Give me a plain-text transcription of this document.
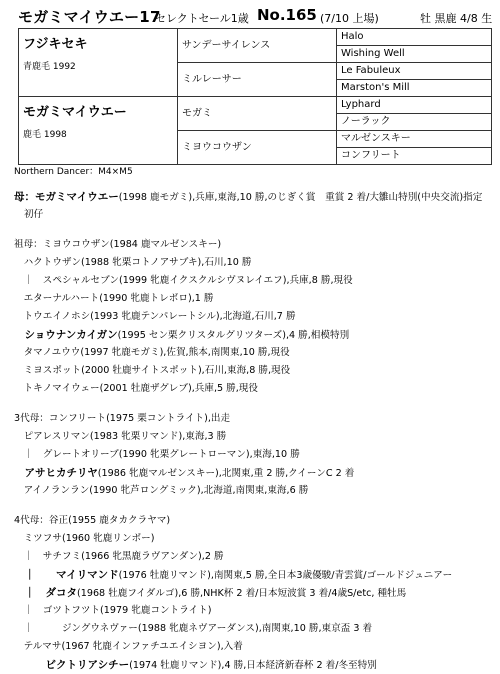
モガミマイウエー17
セレクトセール1歳 No.165 (7/10 上場)	牡 黒鹿 4/8 生
フジキセキ
青鹿毛 1992	サンデーサイレンス	Halo
		Wishing Well
	ミルレーサー	Le Fabuleux
		Marston's Mill

モガミマイウエー
鹿毛 1998	モガミ	Lyphard
		ノーラック
	ミヨウコウザン	マルゼンスキー
		コンフリート
Northern Dancer：M4×M5
母：モガミマイウエー(1998 鹿モガミ),兵庫,東海,10 勝,のじぎく賞　重賞 2 着/大雛山特別(中央交流)指定
初仔
祖母：ミヨウコウザン(1984 鹿マルゼンスキー)
　ハクトウザン(1988 牝栗コトノアサブキ),石川,10 勝
　｜　スペシャルセブン(1999 牝鹿イクスクルシヴヌレイエフ),兵庫,8 勝,現役
　エターナルハート(1990 牝鹿トレボロ),1 勝
　トウエイノホシ(1993 牝鹿テンパレートシル),北海道,石川,7 勝
　ショウナンカイガン(1995 セン栗クリスタルグリツターズ),4 勝,相模特別
　タマノユウウ(1997 牝鹿モガミ),佐賀,熊本,南関東,10 勝,現役
　ミヨスポット(2000 牡鹿サイトスポット),石川,東海,8 勝,現役
　トキノマイウェー(2001 牡鹿ザグレブ),兵庫,5 勝,現役
3代母：コンフリート(1975 栗コントライト),出走
　ピアレスリマン(1983 牝栗リマンド),東海,3 勝
　｜　グレートオリーブ(1990 牝栗グレートローマン),東海,10 勝
　アサヒカチリヤ(1986 牝鹿マルゼンスキー),北関東,重 2 勝,クイーンC 2 着
　アイノランラン(1990 牝芦ロングミック),北海道,南関東,東海,6 勝
4代母：谷正(1955 鹿タカクラヤマ)
　ミツフサ(1960 牝鹿リンボー)
　｜　サチフミ(1966 牝黒鹿ラヴアンダン),2 勝
　｜　　マイリマンド(1976 牡鹿リマンド),南関東,5 勝,全日本3歳優駿/青雲賞/ゴールドジュニアー
　｜　ダコタ(1968 牡鹿フイダルゴ),6 勝,NHK杯 2 着/日本短波賞 3 着/4歳S/etc, 種牡馬
　｜　ゴツトフツト(1979 牝鹿コントライト)
　｜　　　ジングウネヴァー(1988 牝鹿ネヴアーダンス),南関東,10 勝,東京盃 3 着
　テルマサ(1967 牝鹿インファチユエイシヨン),入着
　　　ビクトリアシチー(1974 牡鹿リマンド),4 勝,日本経済新春杯 2 着/冬至特別
